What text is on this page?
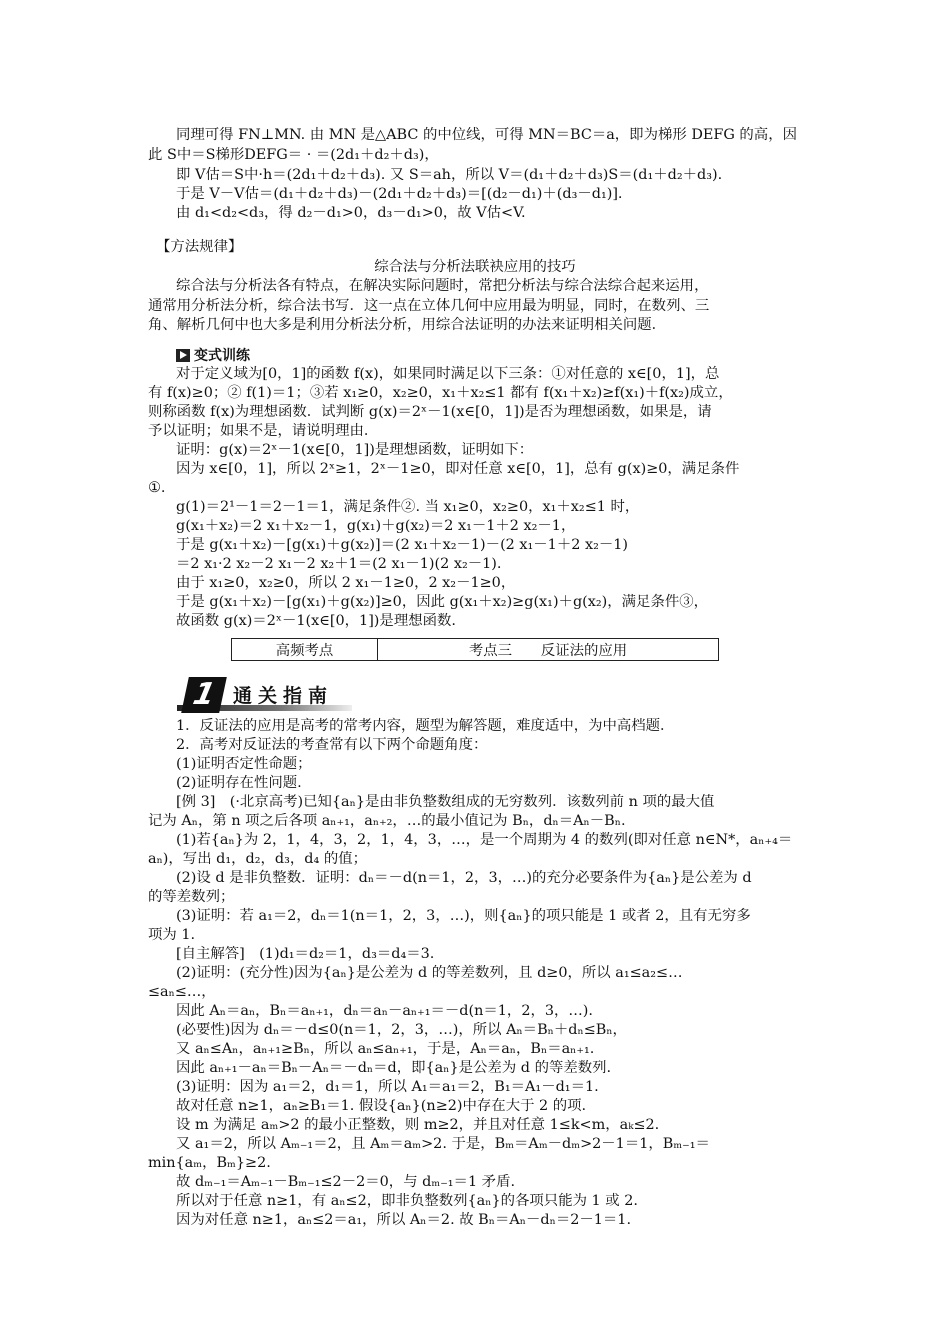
同理可得 FN⊥MN. 由 MN 是△ABC 的中位线，可得 MN＝BC＝a，即为梯形 DEFG 的高，因
此 S中＝S梯形DEFG＝ · ＝(2d₁＋d₂＋d₃)，
即 V估＝S中·h＝(2d₁＋d₂＋d₃). 又 S＝ah，所以 V＝(d₁＋d₂＋d₃)S＝(d₁＋d₂＋d₃).
于是 V－V估＝(d₁＋d₂＋d₃)－(2d₁＋d₂＋d₃)＝[(d₂－d₁)＋(d₃－d₁)].
由 d₁<d₂<d₃，得 d₂－d₁>0，d₃－d₁>0，故 V估<V.
【方法规律】
综合法与分析法联袂应用的技巧
综合法与分析法各有特点，在解决实际问题时，常把分析法与综合法综合起来运用，
通常用分析法分析，综合法书写．这一点在立体几何中应用最为明显，同时，在数列、三
角、解析几何中也大多是利用分析法分析，用综合法证明的办法来证明相关问题．
变式训练
对于定义域为[0，1]的函数 f(x)，如果同时满足以下三条：①对任意的 x∈[0，1]，总
有 f(x)≥0；② f(1)＝1；③若 x₁≥0，x₂≥0，x₁＋x₂≤1 都有 f(x₁＋x₂)≥f(x₁)＋f(x₂)成立，
则称函数 f(x)为理想函数．试判断 g(x)＝2ˣ－1(x∈[0，1])是否为理想函数，如果是，请
予以证明；如果不是，请说明理由．
证明：g(x)＝2ˣ－1(x∈[0，1])是理想函数，证明如下：
因为 x∈[0，1]，所以 2ˣ≥1，2ˣ－1≥0，即对任意 x∈[0，1]，总有 g(x)≥0，满足条件
①.
g(1)＝2¹－1＝2－1＝1，满足条件②. 当 x₁≥0，x₂≥0，x₁＋x₂≤1 时，
g(x₁＋x₂)＝2 x₁＋x₂－1，g(x₁)＋g(x₂)＝2 x₁－1＋2 x₂－1，
于是 g(x₁＋x₂)－[g(x₁)＋g(x₂)]＝(2 x₁＋x₂－1)－(2 x₁－1＋2 x₂－1)
＝2 x₁·2 x₂－2 x₁－2 x₂＋1＝(2 x₁－1)(2 x₂－1).
由于 x₁≥0，x₂≥0，所以 2 x₁－1≥0，2 x₂－1≥0，
于是 g(x₁＋x₂)－[g(x₁)＋g(x₂)]≥0，因此 g(x₁＋x₂)≥g(x₁)＋g(x₂)，满足条件③，
故函数 g(x)＝2ˣ－1(x∈[0，1])是理想函数.
高频考点	考点三　　反证法的应用
1 通关指南
1．反证法的应用是高考的常考内容，题型为解答题，难度适中，为中高档题．
2．高考对反证法的考查常有以下两个命题角度：
(1)证明否定性命题；
(2)证明存在性问题.
[例 3]　(·北京高考)已知{aₙ}是由非负整数组成的无穷数列．该数列前 n 项的最大值
记为 Aₙ，第 n 项之后各项 aₙ₊₁，aₙ₊₂，…的最小值记为 Bₙ，dₙ＝Aₙ－Bₙ.
(1)若{aₙ}为 2，1，4，3，2，1，4，3，…，是一个周期为 4 的数列(即对任意 n∈N*，aₙ₊₄＝
aₙ)，写出 d₁，d₂，d₃，d₄ 的值；
(2)设 d 是非负整数．证明：dₙ＝－d(n＝1，2，3，…)的充分必要条件为{aₙ}是公差为 d
的等差数列；
(3)证明：若 a₁＝2，dₙ＝1(n＝1，2，3，…)，则{aₙ}的项只能是 1 或者 2，且有无穷多
项为 1.
[自主解答]　(1)d₁＝d₂＝1，d₃＝d₄＝3.
(2)证明：(充分性)因为{aₙ}是公差为 d 的等差数列，且 d≥0，所以 a₁≤a₂≤…
≤aₙ≤…，
因此 Aₙ＝aₙ，Bₙ＝aₙ₊₁，dₙ＝aₙ－aₙ₊₁＝－d(n＝1，2，3，…).
(必要性)因为 dₙ＝－d≤0(n＝1，2，3，…)，所以 Aₙ＝Bₙ＋dₙ≤Bₙ，
又 aₙ≤Aₙ，aₙ₊₁≥Bₙ，所以 aₙ≤aₙ₊₁，于是，Aₙ＝aₙ，Bₙ＝aₙ₊₁.
因此 aₙ₊₁－aₙ＝Bₙ－Aₙ＝－dₙ＝d，即{aₙ}是公差为 d 的等差数列.
(3)证明：因为 a₁＝2，d₁＝1，所以 A₁＝a₁＝2，B₁＝A₁－d₁＝1.
故对任意 n≥1，aₙ≥B₁＝1. 假设{aₙ}(n≥2)中存在大于 2 的项.
设 m 为满足 aₘ>2 的最小正整数，则 m≥2，并且对任意 1≤k<m，aₖ≤2.
又 a₁＝2，所以 Aₘ₋₁＝2，且 Aₘ＝aₘ>2. 于是，Bₘ＝Aₘ－dₘ>2－1＝1，Bₘ₋₁＝
min{aₘ，Bₘ}≥2.
故 dₘ₋₁＝Aₘ₋₁－Bₘ₋₁≤2－2＝0，与 dₘ₋₁＝1 矛盾.
所以对于任意 n≥1，有 aₙ≤2，即非负整数列{aₙ}的各项只能为 1 或 2.
因为对任意 n≥1，aₙ≤2＝a₁，所以 Aₙ＝2. 故 Bₙ＝Aₙ－dₙ＝2－1＝1.
